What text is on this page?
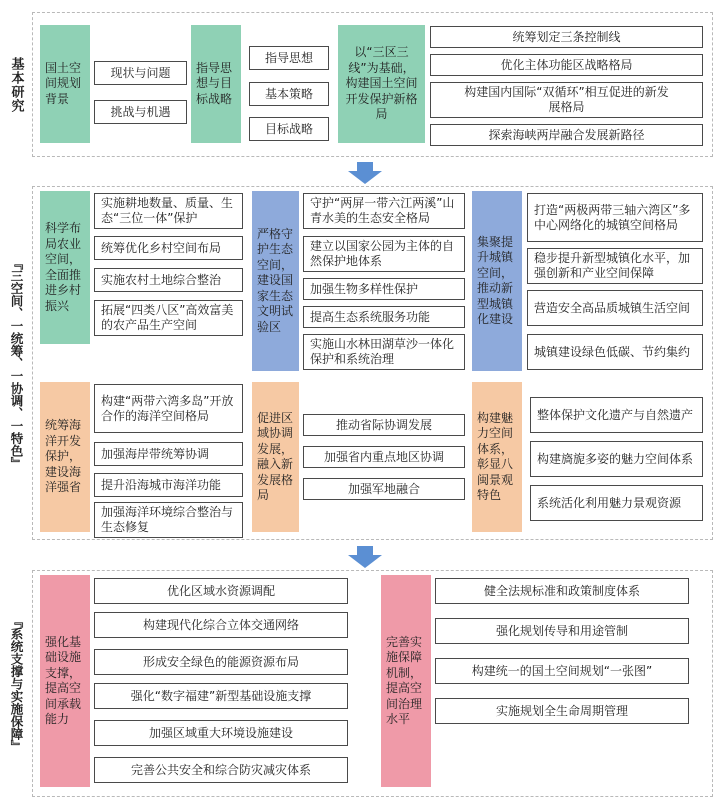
基本研究	国土空间规划背景
现状与问题
挑战与机遇
指导思想与目标战略
指导思想
基本策略
目标战略
以“三区三线”为基础，构建国土空间开发保护新格局
统筹划定三条控制线
优化主体功能区战略格局
构建国内国际“双循环”相互促进的新发展格局
探索海峡两岸融合发展新路径
『三空间、一统筹、一协调、一特色』
科学布局农业空间，全面推进乡村振兴
实施耕地数量、质量、生态“三位一体”保护
统筹优化乡村空间布局
实施农村土地综合整治
拓展“四类八区”高效富美的农产品生产空间
严格守护生态空间，建设国家生态文明试验区
守护“两屏一带六江两溪”山青水美的生态安全格局
建立以国家公园为主体的自然保护地体系
加强生物多样性保护
提高生态系统服务功能
实施山水林田湖草沙一体化保护和系统治理
集聚提升城镇空间，推动新型城镇化建设
打造“两极两带三轴六湾区”多中心网络化的城镇空间格局
稳步提升新型城镇化水平，加强创新和产业空间保障
营造安全高品质城镇生活空间
城镇建设绿色低碳、节约集约
统筹海洋开发保护，建设海洋强省
构建“两带六湾多岛”开放合作的海洋空间格局
加强海岸带统筹协调
提升沿海城市海洋功能
加强海洋环境综合整治与生态修复
促进区域协调发展，融入新发展格局
推动省际协调发展
加强省内重点地区协调
加强军地融合
构建魅力空间体系，彰显八闽景观特色
整体保护文化遗产与自然遗产
构建旖旎多姿的魅力空间体系
系统活化利用魅力景观资源
『系统支撑与实施保障』	强化基础设施支撑，提高空间承载能力
优化区域水资源调配
构建现代化综合立体交通网络
形成安全绿色的能源资源布局
强化“数字福建”新型基础设施支撑
加强区域重大环境设施建设
完善公共安全和综合防灾减灾体系
完善实施保障机制，提高空间治理水平
健全法规标准和政策制度体系
强化规划传导和用途管制
构建统一的国土空间规划“一张图”
实施规划全生命周期管理
